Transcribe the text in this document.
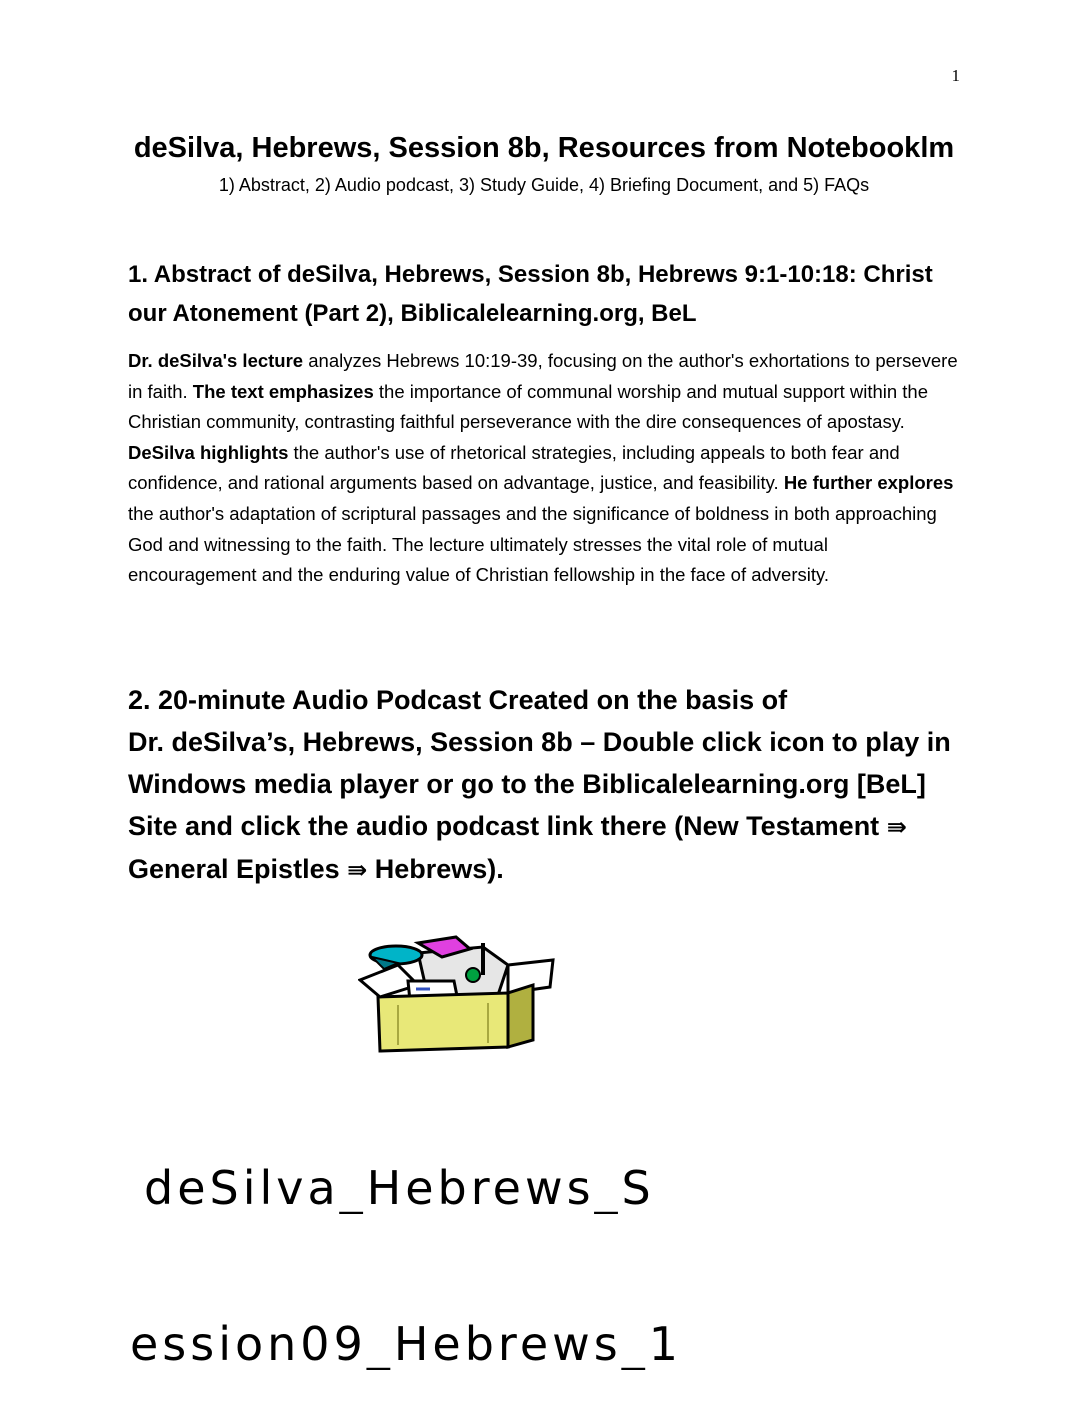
1
deSilva, Hebrews, Session 8b, Resources from Notebooklm
1) Abstract, 2) Audio podcast, 3) Study Guide, 4) Briefing Document, and 5) FAQs
1. Abstract of deSilva, Hebrews, Session 8b, Hebrews 9:1-10:18: Christ our Atonement (Part 2), Biblicalelearning.org, BeL
Dr. deSilva's lecture analyzes Hebrews 10:19-39, focusing on the author's exhortations to persevere in faith. The text emphasizes the importance of communal worship and mutual support within the Christian community, contrasting faithful perseverance with the dire consequences of apostasy. DeSilva highlights the author's use of rhetorical strategies, including appeals to both fear and confidence, and rational arguments based on advantage, justice, and feasibility. He further explores the author's adaptation of scriptural passages and the significance of boldness in both approaching God and witnessing to the faith. The lecture ultimately stresses the vital role of mutual encouragement and the enduring value of Christian fellowship in the face of adversity.
2. 20-minute Audio Podcast Created on the basis of
Dr. deSilva’s, Hebrews, Session 8b – Double click icon to play in Windows media player or go to the Biblicalelearning.org [BeL] Site and click the audio podcast link there (New Testament ⇛ General Epistles ⇛ Hebrews).

deSilva_Hebrews_S

ession09_Hebrews_1
